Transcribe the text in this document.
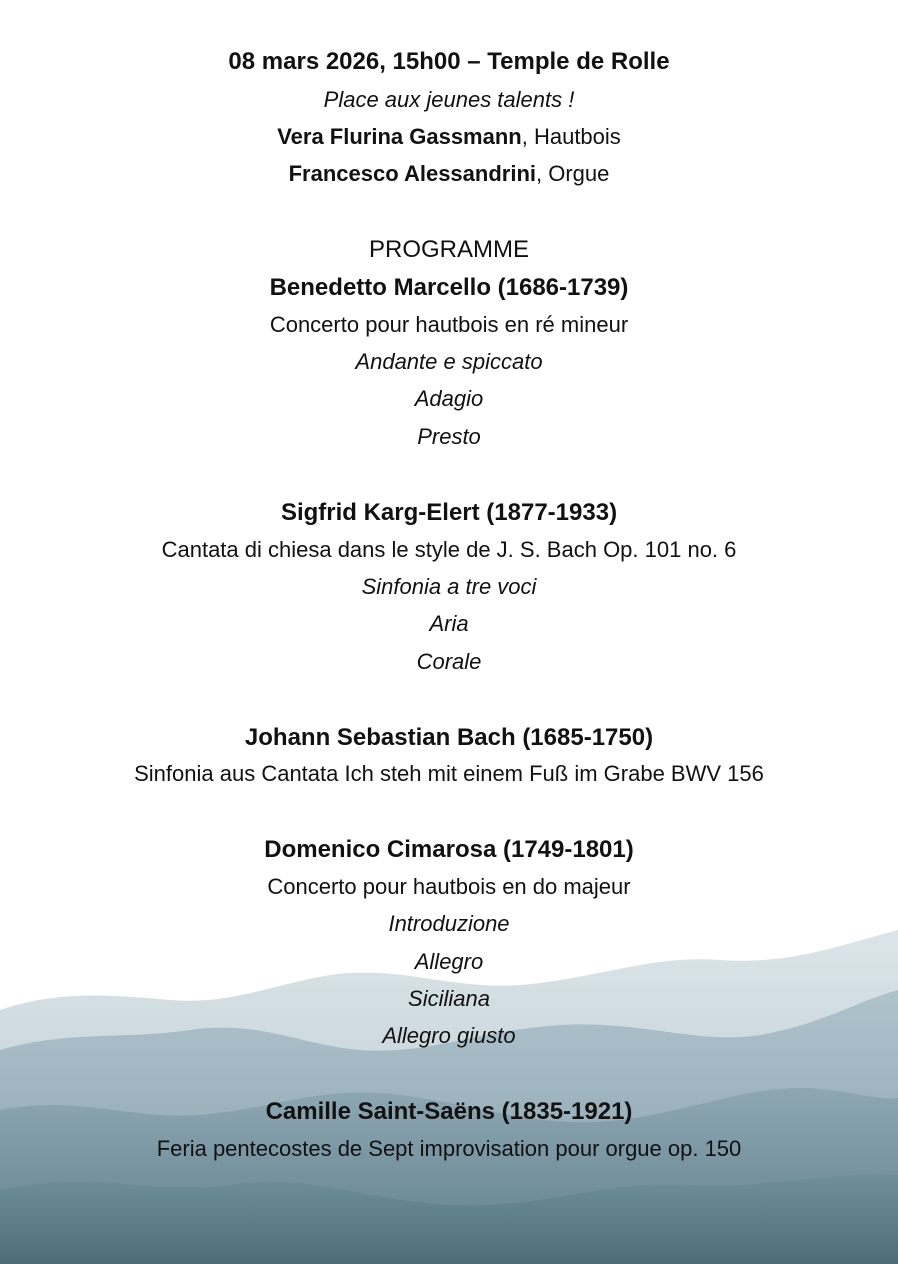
08 mars 2026, 15h00 – Temple de Rolle
Place aux jeunes talents !
Vera Flurina Gassmann, Hautbois
Francesco Alessandrini, Orgue
PROGRAMME
Benedetto Marcello (1686-1739)
Concerto pour hautbois en ré mineur
Andante e spiccato
Adagio
Presto
Sigfrid Karg-Elert (1877-1933)
Cantata di chiesa dans le style de J. S. Bach Op. 101 no. 6
Sinfonia a tre voci
Aria
Corale
Johann Sebastian Bach (1685-1750)
Sinfonia aus Cantata Ich steh mit einem Fuß im Grabe BWV 156
Domenico Cimarosa (1749-1801)
Concerto pour hautbois en do majeur
Introduzione
Allegro
Siciliana
Allegro giusto
Camille Saint-Saëns (1835-1921)
Feria pentecostes de Sept improvisation pour orgue op. 150
